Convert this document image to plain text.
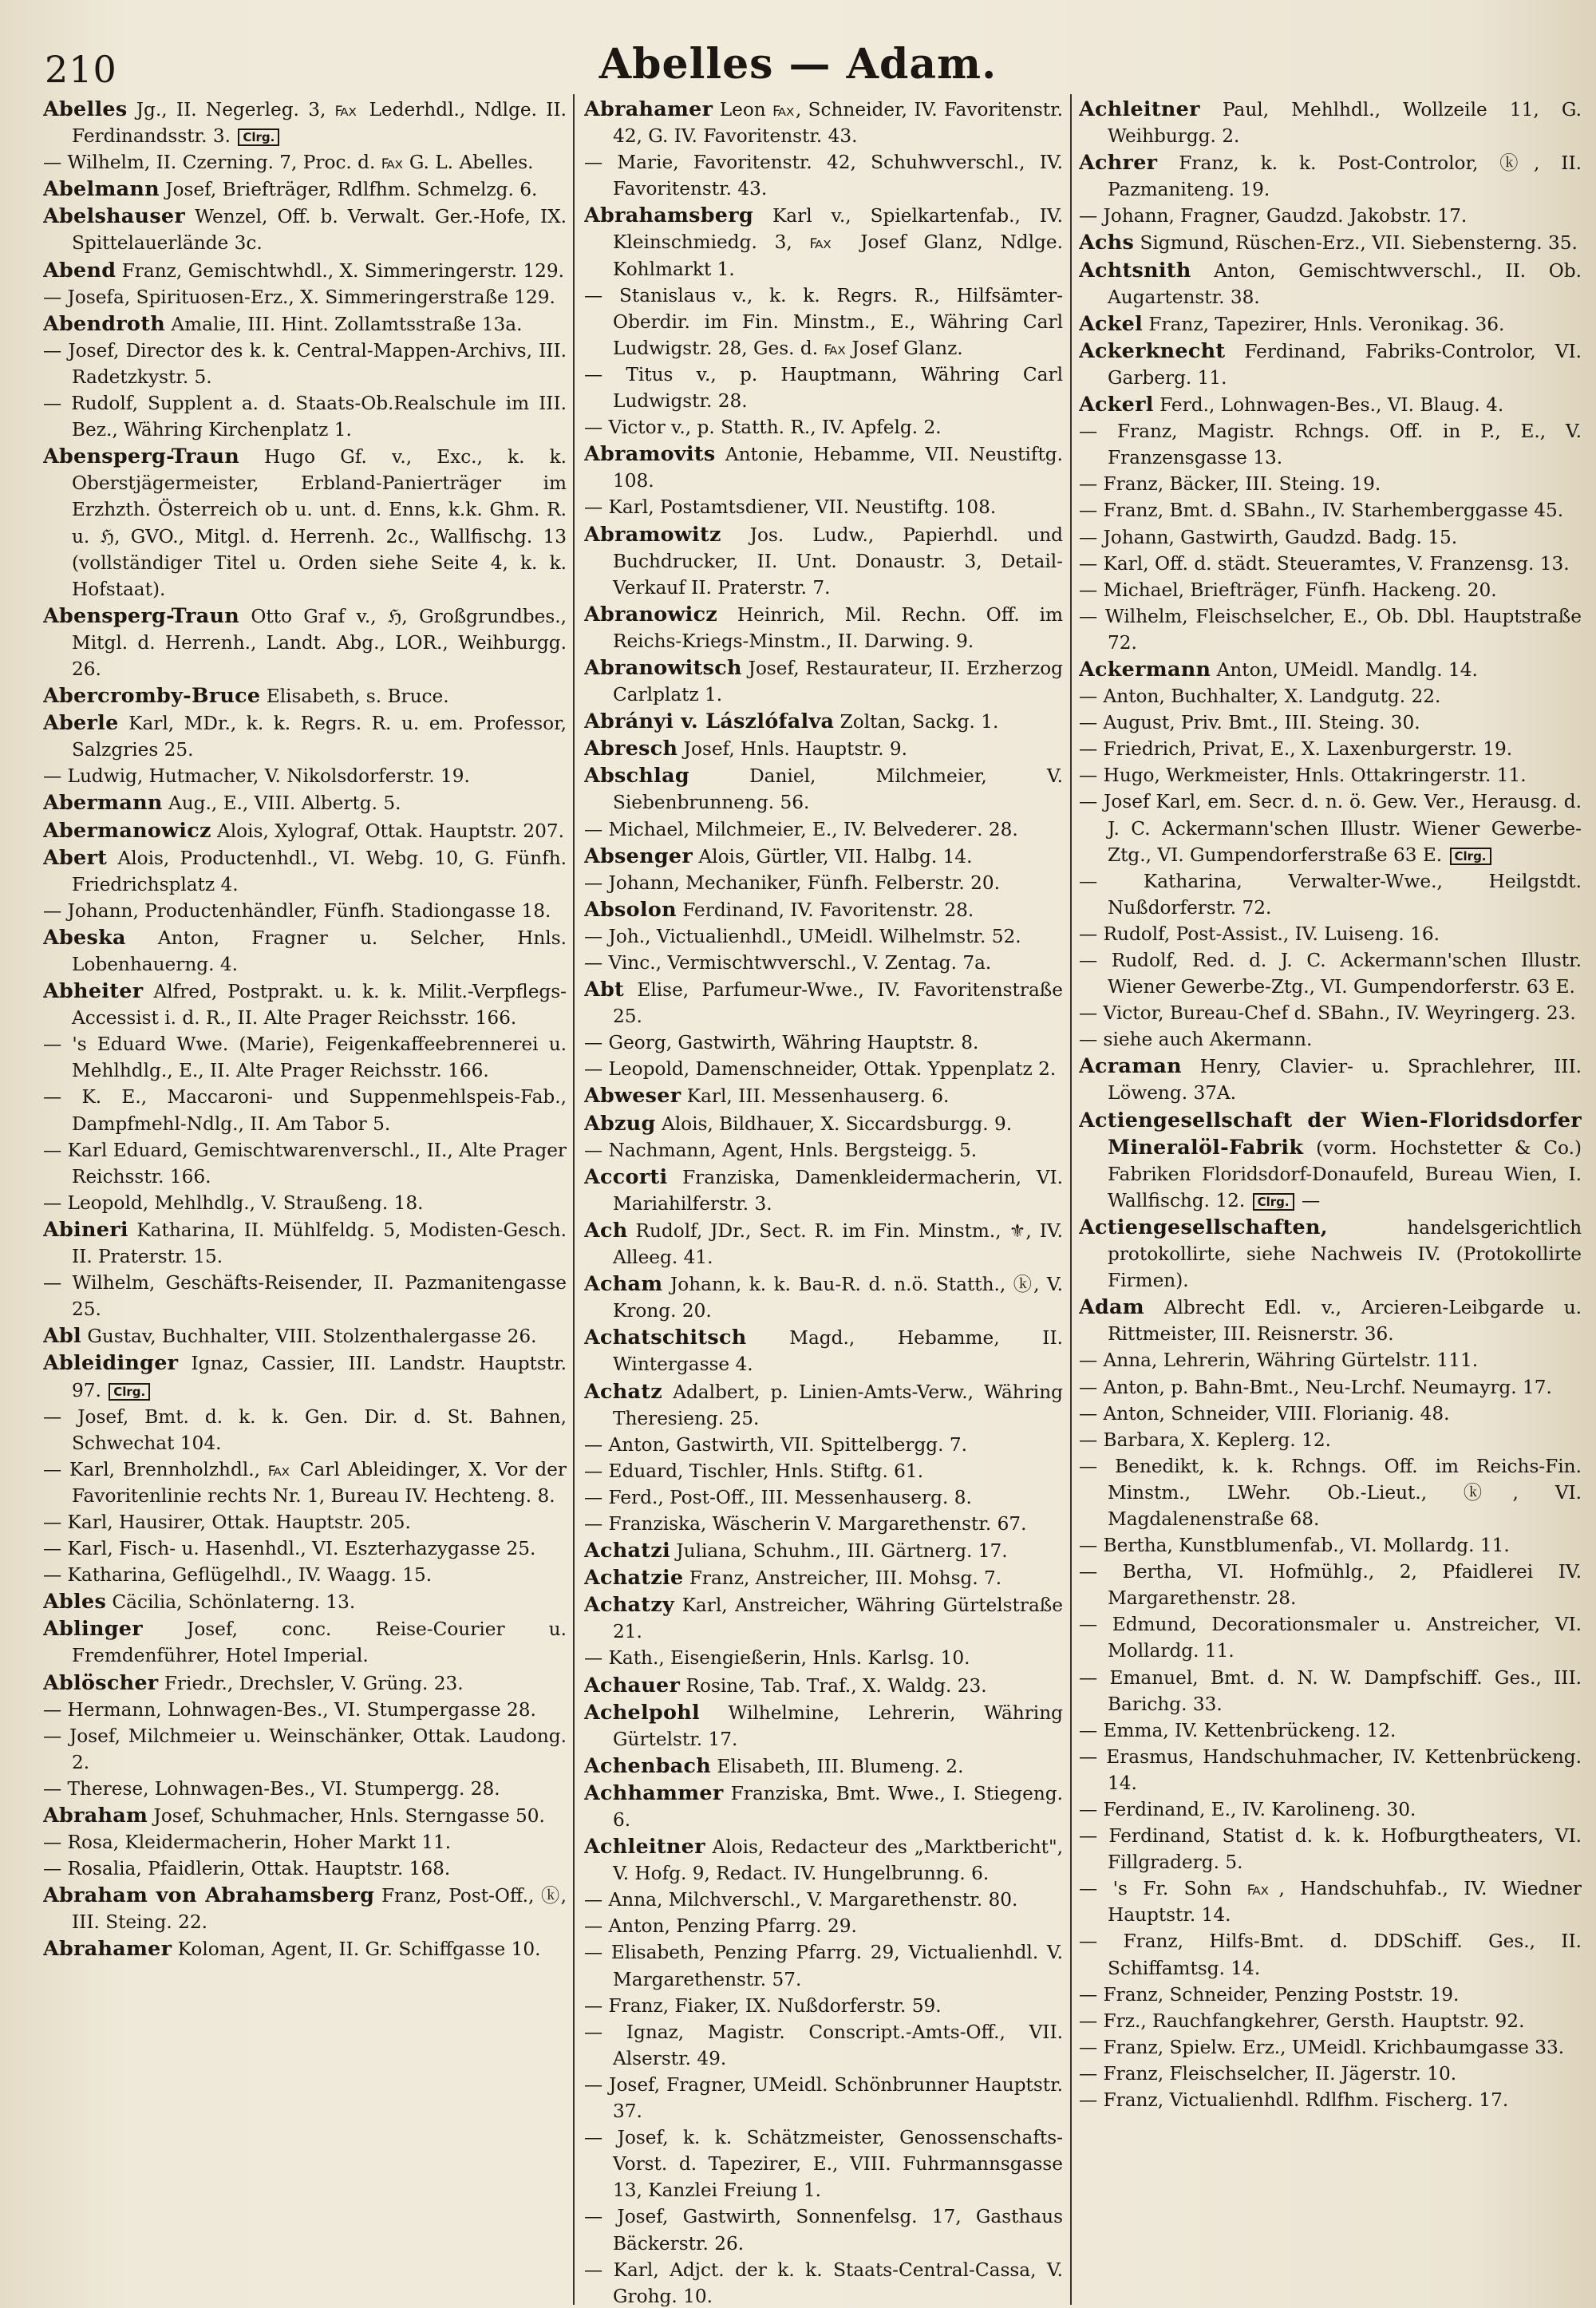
210	Abelles — Adam.

Abelles Jg., II. Negerleg. 3, ℻ Lederhdl., Ndlge. II. Ferdinandsstr. 3. Clrg.

— Wilhelm, II. Czerning. 7, Proc. d. ℻ G. L. Abelles.

Abelmann Josef, Briefträger, Rdlfhm. Schmelzg. 6.

Abelshauser Wenzel, Off. b. Verwalt. Ger.-Hofe, IX. Spittelauerlände 3c.

Abend Franz, Gemischtwhdl., X. Simmeringerstr. 129.

— Josefa, Spirituosen-Erz., X. Simmeringerstraße 129.

Abendroth Amalie, III. Hint. Zollamtsstraße 13a.

— Josef, Director des k. k. Central-Mappen-Archivs, III. Radetzkystr. 5.

— Rudolf, Supplent a. d. Staats-Ob.Realschule im III. Bez., Währing Kirchenplatz 1.

Abensperg-Traun Hugo Gf. v., Exc., k. k. Oberstjägermeister, Erbland-Panierträger im Erzhzth. Österreich ob u. unt. d. Enns, k.k. Ghm. R. u. ℌ, GVO., Mitgl. d. Herrenh. 2c., Wallfischg. 13 (vollständiger Titel u. Orden siehe Seite 4, k. k. Hofstaat).

Abensperg-Traun Otto Graf v., ℌ, Großgrundbes., Mitgl. d. Herrenh., Landt. Abg., LOR., Weihburgg. 26.

Abercromby-Bruce Elisabeth, s. Bruce.

Aberle Karl, MDr., k. k. Regrs. R. u. em. Professor, Salzgries 25.

— Ludwig, Hutmacher, V. Nikolsdorferstr. 19.

Abermann Aug., E., VIII. Albertg. 5.

Abermanowicz Alois, Xylograf, Ottak. Hauptstr. 207.

Abert Alois, Productenhdl., VI. Webg. 10, G. Fünfh. Friedrichsplatz 4.

— Johann, Productenhändler, Fünfh. Stadiongasse 18.

Abeska Anton, Fragner u. Selcher, Hnls. Lobenhauerng. 4.

Abheiter Alfred, Postprakt. u. k. k. Milit.-Verpflegs-Accessist i. d. R., II. Alte Prager Reichsstr. 166.

— 's Eduard Wwe. (Marie), Feigenkaffeebrennerei u. Mehlhdlg., E., II. Alte Prager Reichsstr. 166.

— K. E., Maccaroni- und Suppenmehlspeis-Fab., Dampfmehl-Ndlg., II. Am Tabor 5.

— Karl Eduard, Gemischtwarenverschl., II., Alte Prager Reichsstr. 166.

— Leopold, Mehlhdlg., V. Straußeng. 18.

Abineri Katharina, II. Mühlfeldg. 5, Modisten-Gesch. II. Praterstr. 15.

— Wilhelm, Geschäfts-Reisender, II. Pazmanitengasse 25.

Abl Gustav, Buchhalter, VIII. Stolzenthalergasse 26.

Ableidinger Ignaz, Cassier, III. Landstr. Hauptstr. 97. Clrg.

— Josef, Bmt. d. k. k. Gen. Dir. d. St. Bahnen, Schwechat 104.

— Karl, Brennholzhdl., ℻ Carl Ableidinger, X. Vor der Favoritenlinie rechts Nr. 1, Bureau IV. Hechteng. 8.

— Karl, Hausirer, Ottak. Hauptstr. 205.

— Karl, Fisch- u. Hasenhdl., VI. Eszterhazygasse 25.

— Katharina, Geflügelhdl., IV. Waagg. 15.

Ables Cäcilia, Schönlaterng. 13.

Ablinger Josef, conc. Reise-Courier u. Fremdenführer, Hotel Imperial.

Ablöscher Friedr., Drechsler, V. Grüng. 23.

— Hermann, Lohnwagen-Bes., VI. Stumpergasse 28.

— Josef, Milchmeier u. Weinschänker, Ottak. Laudong. 2.

— Therese, Lohnwagen-Bes., VI. Stumpergg. 28.

Abraham Josef, Schuhmacher, Hnls. Sterngasse 50.

— Rosa, Kleidermacherin, Hoher Markt 11.

— Rosalia, Pfaidlerin, Ottak. Hauptstr. 168.

Abraham von Abrahamsberg Franz, Post-Off., ⓚ, III. Steing. 22.

Abrahamer Koloman, Agent, II. Gr. Schiffgasse 10.

Abrahamer Leon ℻, Schneider, IV. Favoritenstr. 42, G. IV. Favoritenstr. 43.

— Marie, Favoritenstr. 42, Schuhwverschl., IV. Favoritenstr. 43.

Abrahamsberg Karl v., Spielkartenfab., IV. Kleinschmiedg. 3, ℻ Josef Glanz, Ndlge. Kohlmarkt 1.

— Stanislaus v., k. k. Regrs. R., Hilfsämter-Oberdir. im Fin. Minstm., E., Währing Carl Ludwigstr. 28, Ges. d. ℻ Josef Glanz.

— Titus v., p. Hauptmann, Währing Carl Ludwigstr. 28.

— Victor v., p. Statth. R., IV. Apfelg. 2.

Abramovits Antonie, Hebamme, VII. Neustiftg. 108.

— Karl, Postamtsdiener, VII. Neustiftg. 108.

Abramowitz Jos. Ludw., Papierhdl. und Buchdrucker, II. Unt. Donaustr. 3, Detail-Verkauf II. Praterstr. 7.

Abranowicz Heinrich, Mil. Rechn. Off. im Reichs-Kriegs-Minstm., II. Darwing. 9.

Abranowitsch Josef, Restaurateur, II. Erzherzog Carlplatz 1.

Abrányi v. Lászlófalva Zoltan, Sackg. 1.

Abresch Josef, Hnls. Hauptstr. 9.

Abschlag Daniel, Milchmeier, V. Siebenbrunneng. 56.

— Michael, Milchmeier, E., IV. Belvederег. 28.

Absenger Alois, Gürtler, VII. Halbg. 14.

— Johann, Mechaniker, Fünfh. Felberstr. 20.

Absolon Ferdinand, IV. Favoritenstr. 28.

— Joh., Victualienhdl., UMeidl. Wilhelmstr. 52.

— Vinc., Vermischtwverschl., V. Zentag. 7a.

Abt Elise, Parfumeur-Wwe., IV. Favoritenstraße 25.

— Georg, Gastwirth, Währing Hauptstr. 8.

— Leopold, Damenschneider, Ottak. Yppenplatz 2.

Abweser Karl, III. Messenhauserg. 6.

Abzug Alois, Bildhauer, X. Siccardsburgg. 9.

— Nachmann, Agent, Hnls. Bergsteigg. 5.

Accorti Franziska, Damenkleidermacherin, VI. Mariahilferstr. 3.

Ach Rudolf, JDr., Sect. R. im Fin. Minstm., ⚜, IV. Alleeg. 41.

Acham Johann, k. k. Bau-R. d. n.ö. Statth., ⓚ, V. Krong. 20.

Achatschitsch Magd., Hebamme, II. Wintergasse 4.

Achatz Adalbert, p. Linien-Amts-Verw., Währing Theresieng. 25.

— Anton, Gastwirth, VII. Spittelbergg. 7.

— Eduard, Tischler, Hnls. Stiftg. 61.

— Ferd., Post-Off., III. Messenhauserg. 8.

— Franziska, Wäscherin V. Margarethenstr. 67.

Achatzi Juliana, Schuhm., III. Gärtnerg. 17.

Achatzie Franz, Anstreicher, III. Mohsg. 7.

Achatzy Karl, Anstreicher, Währing Gürtelstraße 21.

— Kath., Eisengießerin, Hnls. Karlsg. 10.

Achauer Rosine, Tab. Traf., X. Waldg. 23.

Achelpohl Wilhelmine, Lehrerin, Währing Gürtelstr. 17.

Achenbach Elisabeth, III. Blumeng. 2.

Achhammer Franziska, Bmt. Wwe., I. Stiegeng. 6.

Achleitner Alois, Redacteur des „Marktbericht", V. Hofg. 9, Redact. IV. Hungelbrunng. 6.

— Anna, Milchverschl., V. Margarethenstr. 80.

— Anton, Penzing Pfarrg. 29.

— Elisabeth, Penzing Pfarrg. 29, Victualienhdl. V. Margarethenstr. 57.

— Franz, Fiaker, IX. Nußdorferstr. 59.

— Ignaz, Magistr. Conscript.-Amts-Off., VII. Alserstr. 49.

— Josef, Fragner, UMeidl. Schönbrunner Hauptstr. 37.

— Josef, k. k. Schätzmeister, Genossenschafts-Vorst. d. Tapezirer, E., VIII. Fuhrmannsgasse 13, Kanzlei Freiung 1.

— Josef, Gastwirth, Sonnenfelsg. 17, Gasthaus Bäckerstr. 26.

— Karl, Adjct. der k. k. Staats-Central-Cassa, V. Grohg. 10.

Achleitner Paul, Mehlhdl., Wollzeile 11, G. Weihburgg. 2.

Achrer Franz, k. k. Post-Controlor, ⓚ, II. Pazmaniteng. 19.

— Johann, Fragner, Gaudzd. Jakobstr. 17.

Achs Sigmund, Rüschen-Erz., VII. Siebensterng. 35.

Achtsnith Anton, Gemischtwverschl., II. Ob. Augartenstr. 38.

Ackel Franz, Tapezirer, Hnls. Veronikag. 36.

Ackerknecht Ferdinand, Fabriks-Controlor, VI. Garberg. 11.

Ackerl Ferd., Lohnwagen-Bes., VI. Blaug. 4.

— Franz, Magistr. Rchngs. Off. in P., E., V. Franzensgasse 13.

— Franz, Bäcker, III. Steing. 19.

— Franz, Bmt. d. SBahn., IV. Starhemberggasse 45.

— Johann, Gastwirth, Gaudzd. Badg. 15.

— Karl, Off. d. städt. Steueramtes, V. Franzensg. 13.

— Michael, Briefträger, Fünfh. Hackeng. 20.

— Wilhelm, Fleischselcher, E., Ob. Dbl. Hauptstraße 72.

Ackermann Anton, UMeidl. Mandlg. 14.

— Anton, Buchhalter, X. Landgutg. 22.

— August, Priv. Bmt., III. Steing. 30.

— Friedrich, Privat, E., X. Laxenburgerstr. 19.

— Hugo, Werkmeister, Hnls. Ottakringerstr. 11.

— Josef Karl, em. Secr. d. n. ö. Gew. Ver., Herausg. d. J. C. Ackermann'schen Illustr. Wiener Gewerbe-Ztg., VI. Gumpendorferstraße 63 E. Clrg.

— Katharina, Verwalter-Wwe., Heilgstdt. Nußdorferstr. 72.

— Rudolf, Post-Assist., IV. Luiseng. 16.

— Rudolf, Red. d. J. C. Ackermann'schen Illustr. Wiener Gewerbe-Ztg., VI. Gumpendorferstr. 63 E.

— Victor, Bureau-Chef d. SBahn., IV. Weyringerg. 23.

— siehe auch Akermann.

Acraman Henry, Clavier- u. Sprachlehrer, III. Löweng. 37A.

Actiengesellschaft der Wien-Floridsdorfer Mineralöl-Fabrik (vorm. Hochstetter & Co.) Fabriken Floridsdorf-Donaufeld, Bureau Wien, I. Wallfischg. 12. Clrg. —

Actiengesellschaften, handelsgerichtlich protokollirte, siehe Nachweis IV. (Protokollirte Firmen).

Adam Albrecht Edl. v., Arcieren-Leibgarde u. Rittmeister, III. Reisnerstr. 36.

— Anna, Lehrerin, Währing Gürtelstr. 111.

— Anton, p. Bahn-Bmt., Neu-Lrchf. Neumayrg. 17.

— Anton, Schneider, VIII. Florianig. 48.

— Barbara, X. Keplerg. 12.

— Benedikt, k. k. Rchngs. Off. im Reichs-Fin. Minstm., LWehr. Ob.-Lieut., ⓚ, VI. Magdalenenstraße 68.

— Bertha, Kunstblumenfab., VI. Mollardg. 11.

— Bertha, VI. Hofmühlg., 2, Pfaidlerei IV. Margarethenstr. 28.

— Edmund, Decorationsmaler u. Anstreicher, VI. Mollardg. 11.

— Emanuel, Bmt. d. N. W. Dampfschiff. Ges., III. Barichg. 33.

— Emma, IV. Kettenbrückeng. 12.

— Erasmus, Handschuhmacher, IV. Kettenbrückeng. 14.

— Ferdinand, E., IV. Karolineng. 30.

— Ferdinand, Statist d. k. k. Hofburgtheaters, VI. Fillgraderg. 5.

— 's Fr. Sohn ℻, Handschuhfab., IV. Wiedner Hauptstr. 14.

— Franz, Hilfs-Bmt. d. DDSchiff. Ges., II. Schiffamtsg. 14.

— Franz, Schneider, Penzing Poststr. 19.

— Frz., Rauchfangkehrer, Gersth. Hauptstr. 92.

— Franz, Spielw. Erz., UMeidl. Krichbaumgasse 33.

— Franz, Fleischselcher, II. Jägerstr. 10.

— Franz, Victualienhdl. Rdlfhm. Fischerg. 17.
